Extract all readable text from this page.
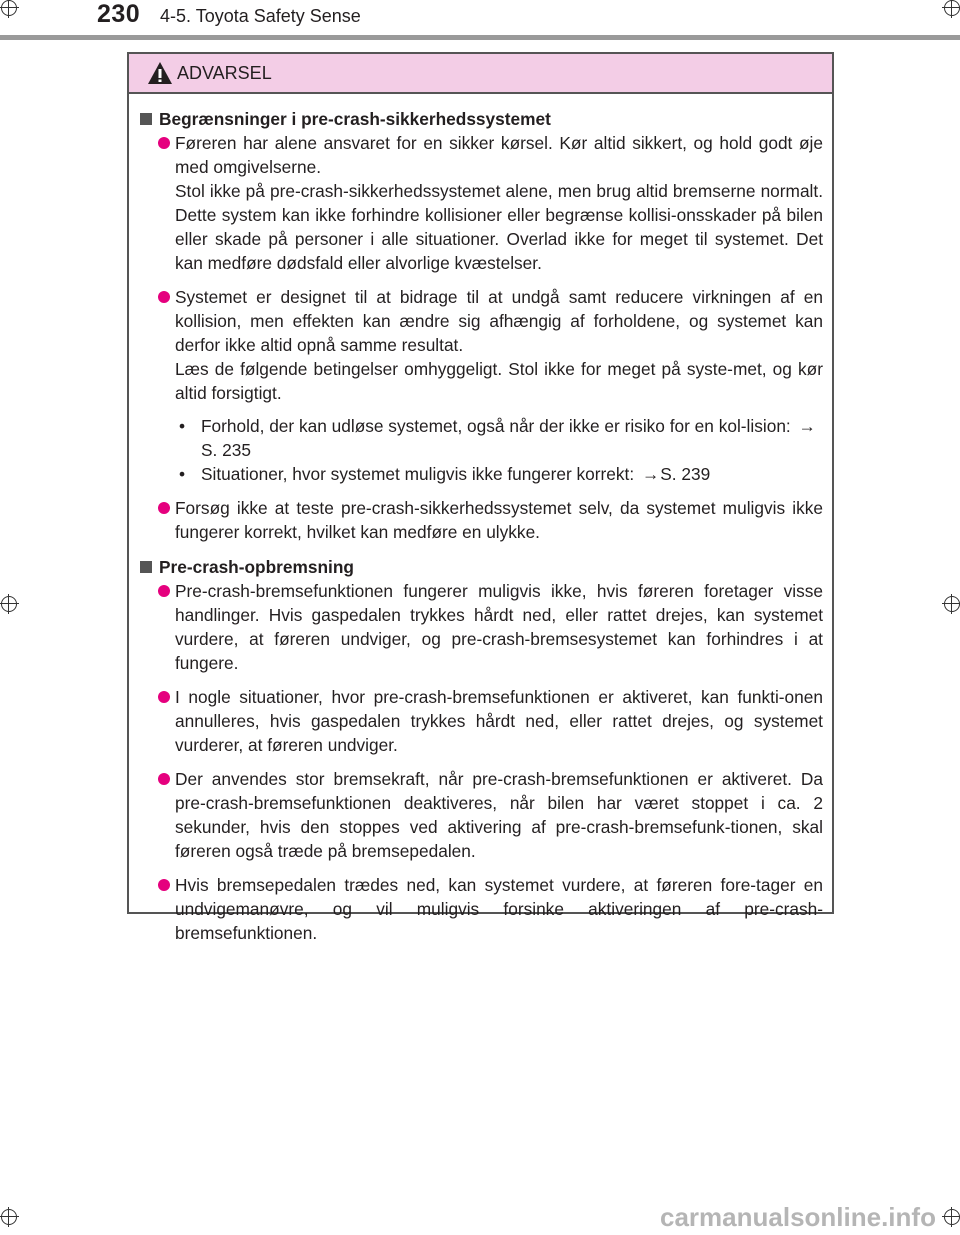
230 4-5. Toyota Safety Sense
ADVARSEL
Begrænsninger i pre-crash-sikkerhedssystemet

Føreren har alene ansvaret for en sikker kørsel. Kør altid sikkert, og hold godt øje med omgivelserne.

Stol ikke på pre-crash-sikkerhedssystemet alene, men brug altid bremserne normalt. Dette system kan ikke forhindre kollisioner eller begrænse kollisi-onsskader på bilen eller skade på personer i alle situationer. Overlad ikke for meget til systemet. Det kan medføre dødsfald eller alvorlige kvæstelser.

Systemet er designet til at bidrage til at undgå samt reducere virkningen af en kollision, men effekten kan ændre sig afhængig af forholdene, og systemet kan derfor ikke altid opnå samme resultat.

Læs de følgende betingelser omhyggeligt. Stol ikke for meget på syste-met, og kør altid forsigtigt.

• Forhold, der kan udløse systemet, også når der ikke er risiko for en kol-lision: →S. 235
• Situationer, hvor systemet muligvis ikke fungerer korrekt: →S. 239

Forsøg ikke at teste pre-crash-sikkerhedssystemet selv, da systemet muligvis ikke fungerer korrekt, hvilket kan medføre en ulykke.

Pre-crash-opbremsning

Pre-crash-bremsefunktionen fungerer muligvis ikke, hvis føreren foretager visse handlinger. Hvis gaspedalen trykkes hårdt ned, eller rattet drejes, kan systemet vurdere, at føreren undviger, og pre-crash-bremsesystemet kan forhindres i at fungere.

I nogle situationer, hvor pre-crash-bremsefunktionen er aktiveret, kan funkti-onen annulleres, hvis gaspedalen trykkes hårdt ned, eller rattet drejes, og systemet vurderer, at føreren undviger.

Der anvendes stor bremsekraft, når pre-crash-bremsefunktionen er aktiveret. Da pre-crash-bremsefunktionen deaktiveres, når bilen har været stoppet i ca. 2 sekunder, hvis den stoppes ved aktivering af pre-crash-bremsefunk-tionen, skal føreren også træde på bremsepedalen.

Hvis bremsepedalen trædes ned, kan systemet vurdere, at føreren fore-tager en undvigemanøvre, og vil muligvis forsinke aktiveringen af pre-crash-bremsefunktionen.

carmanualsonline.info
